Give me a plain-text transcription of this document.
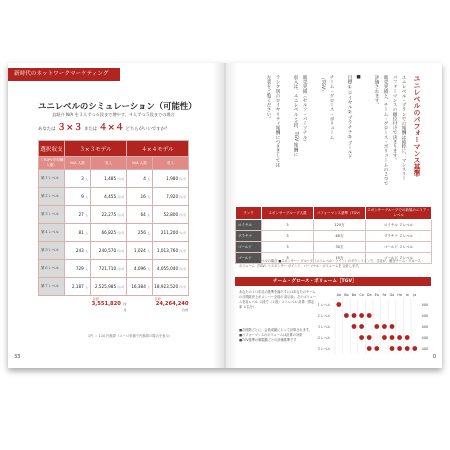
新時代のネットワークマーケティング
ユニレベルのシミュレーション（可能性）
直紹介 N/A を３人ずつ６段まで増やす、４人ずつ５段までの場合
あなたは ３×３ または ４×４ どちらがいいですか？
選択収支	３×３モデル		４×４モデル	
〈TGPV平均購入額〉	N/A 人数	収入	N/A 人数	収入
第１レベル	3 人	1,485 円/月	4 人	1,980 円/月
第２レベル	9 人	4,455 円/月	16 人	7,920 円/月
第３レベル	27 人	22,275 円/月	64 人	52,800 円/月
第４レベル	81 人	66,825 円/月	256 人	211,200 円/月
第５レベル	243 人	240,570 円/月	1,024 人	1,013,760 円/月
第６レベル	729 人	721,710 円/月	4,096 人	4,055,040 円/月
第７レベル	2,187 人	2,525,985 円/月	16,384 人	18,923,520 円/月

		合計
3,551,820 円/月		合計
24,264,240 円/月
1円 ＝ 110 円換算（ユーロ単価で円換算の場合を表示）
33
ユニレベルのパフォーマンス基準
ユニレベル・プランでの報酬は純粋に、マンスリー
パフォーマンスの順位付けで決まります。
販売実績と、チーム・グロース・ボリュームの２つで
評価されます。
■
目標 ①ロイヤル ②プラチナ ③ゴールド
チーム・グロース・ボリューム
（TGV）
販売実績（セルフ・パーソナル）
収入は、ユニレベル ５段、TGV 報酬に
ランク別のロイヤリティ報酬につきましては
左表をご覧ください。
ランク	スポンサーグループ人数	パフォーマンス基準（TGV）	スポンサーグループでの新規のエリア・レベル
ロイヤル	3	120万	ロイヤル ２レベル
プラチナ	3	60万	プラチナ ２レベル
ゴールド	3	30万	ゴールド ２レベル
ゴールド	3	15万	ゴールド ２レベル
例：ゴールドレベルの場合 ■スポンサー・グループ（ユニレベル・ライン）のダウンラインで、当社が、販売チーム・グロース・ボリューム（TGV）とスポンサー ポイント、パーソナル・ボリュームを 合計します。
チーム・グロース・ボリューム［TGV］
あなたの１０年目の基準を満たすにはあなたのチームの月間総売上がメンバー全員の 総合計。そのボリュームを各レベル ２段で（２段）ユニレベル 計算（算定率 ６名分）
■各段階ごとに、会員成績によって計算されます。
■パフォーマンスのボリュームは計算の対象
■TGV基準の制限額ごとの評価基準です
Aa Bo Ba Co Da Ea Fa Ga Ha Ia Ja
１レベル	400
２レベル	400
３レベル	400
４レベル	400
５レベル	400
0
